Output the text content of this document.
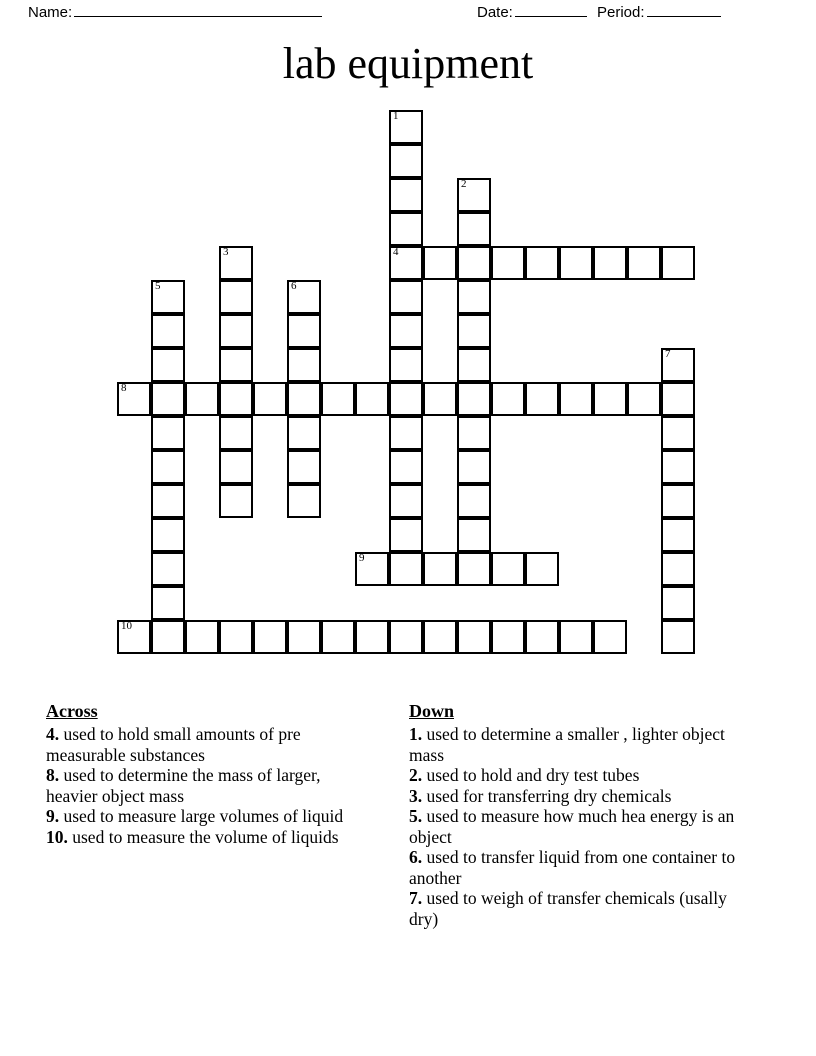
Name:	Date:	Period:
lab equipment
1
2
3	4
5	6
7
8
9
10
Across

4. used to hold small amounts of pre measurable substances

8. used to determine the mass of larger, heavier object mass

9. used to measure large volumes of liquid

10. used to measure the volume of liquids

Down

1. used to determine a smaller , lighter object mass

2. used to hold and dry test tubes

3. used for transferring dry chemicals

5. used to measure how much hea energy is an object

6. used to transfer liquid from one container to another

7. used to weigh of transfer chemicals (usally dry)
